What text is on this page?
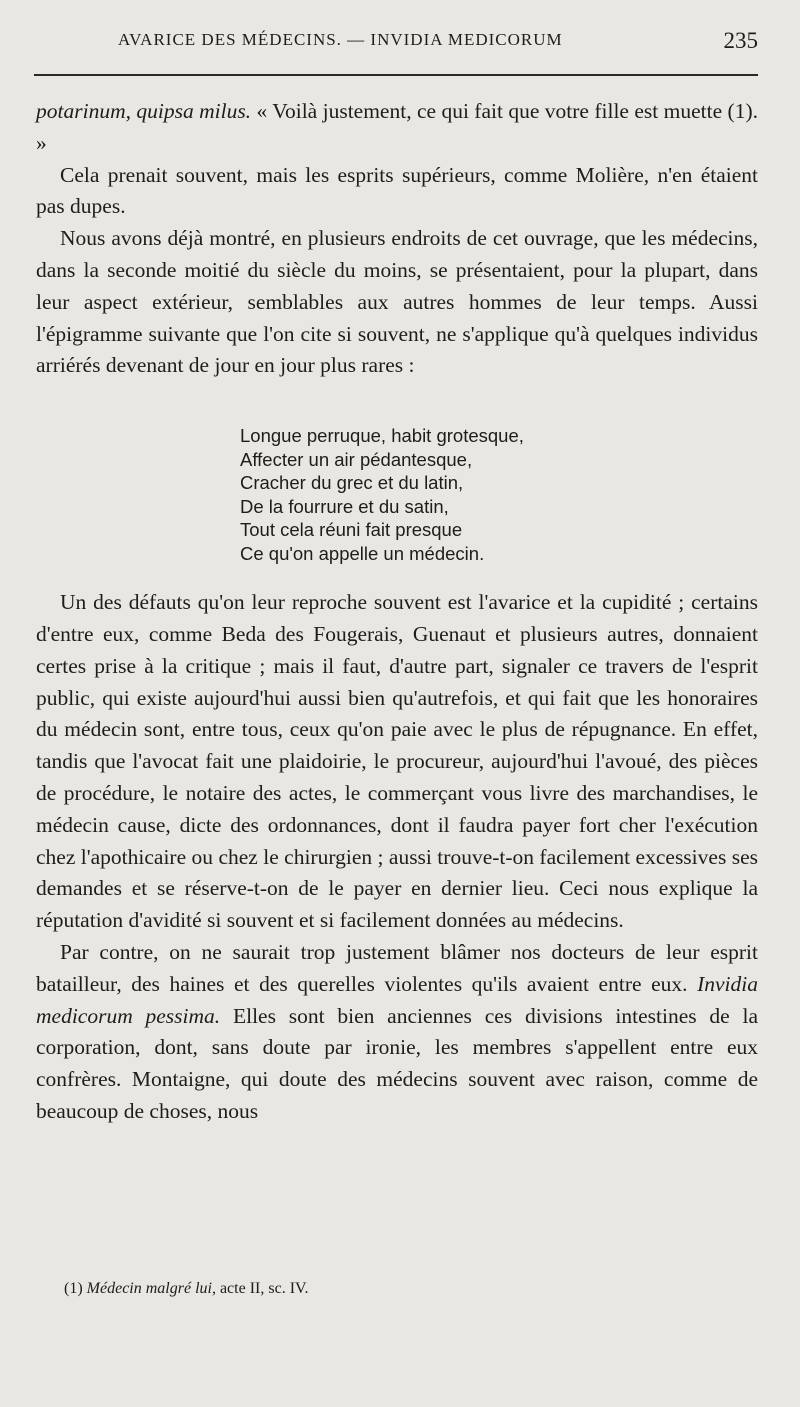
AVARICE DES MÉDECINS. — INVIDIA MEDICORUM	235

potarinum, quipsa milus. « Voilà justement, ce qui fait que votre fille est muette (1). »

Cela prenait souvent, mais les esprits supérieurs, comme Molière, n'en étaient pas dupes.

Nous avons déjà montré, en plusieurs endroits de cet ouvrage, que les médecins, dans la seconde moitié du siècle du moins, se présentaient, pour la plupart, dans leur aspect extérieur, semblables aux autres hommes de leur temps. Aussi l'épigramme suivante que l'on cite si souvent, ne s'applique qu'à quelques individus arriérés devenant de jour en jour plus rares :

Longue perruque, habit grotesque,
Affecter un air pédantesque,
Cracher du grec et du latin,
De la fourrure et du satin,
Tout cela réuni fait presque
Ce qu'on appelle un médecin.

Un des défauts qu'on leur reproche souvent est l'avarice et la cupidité ; certains d'entre eux, comme Beda des Fougerais, Guenaut et plusieurs autres, donnaient certes prise à la critique ; mais il faut, d'autre part, signaler ce travers de l'esprit public, qui existe aujourd'hui aussi bien qu'autrefois, et qui fait que les honoraires du médecin sont, entre tous, ceux qu'on paie avec le plus de répugnance. En effet, tandis que l'avocat fait une plaidoirie, le procureur, aujourd'hui l'avoué, des pièces de procédure, le notaire des actes, le commerçant vous livre des marchandises, le médecin cause, dicte des ordonnances, dont il faudra payer fort cher l'exécution chez l'apothicaire ou chez le chirurgien ; aussi trouve-t-on facilement excessives ses demandes et se réserve-t-on de le payer en dernier lieu. Ceci nous explique la réputation d'avidité si souvent et si facilement données au médecins.

Par contre, on ne saurait trop justement blâmer nos docteurs de leur esprit batailleur, des haines et des querelles violentes qu'ils avaient entre eux. Invidia medicorum pessima. Elles sont bien anciennes ces divisions intestines de la corporation, dont, sans doute par ironie, les membres s'appellent entre eux confrères. Montaigne, qui doute des médecins souvent avec raison, comme de beaucoup de choses, nous

(1) Médecin malgré lui, acte II, sc. IV.
